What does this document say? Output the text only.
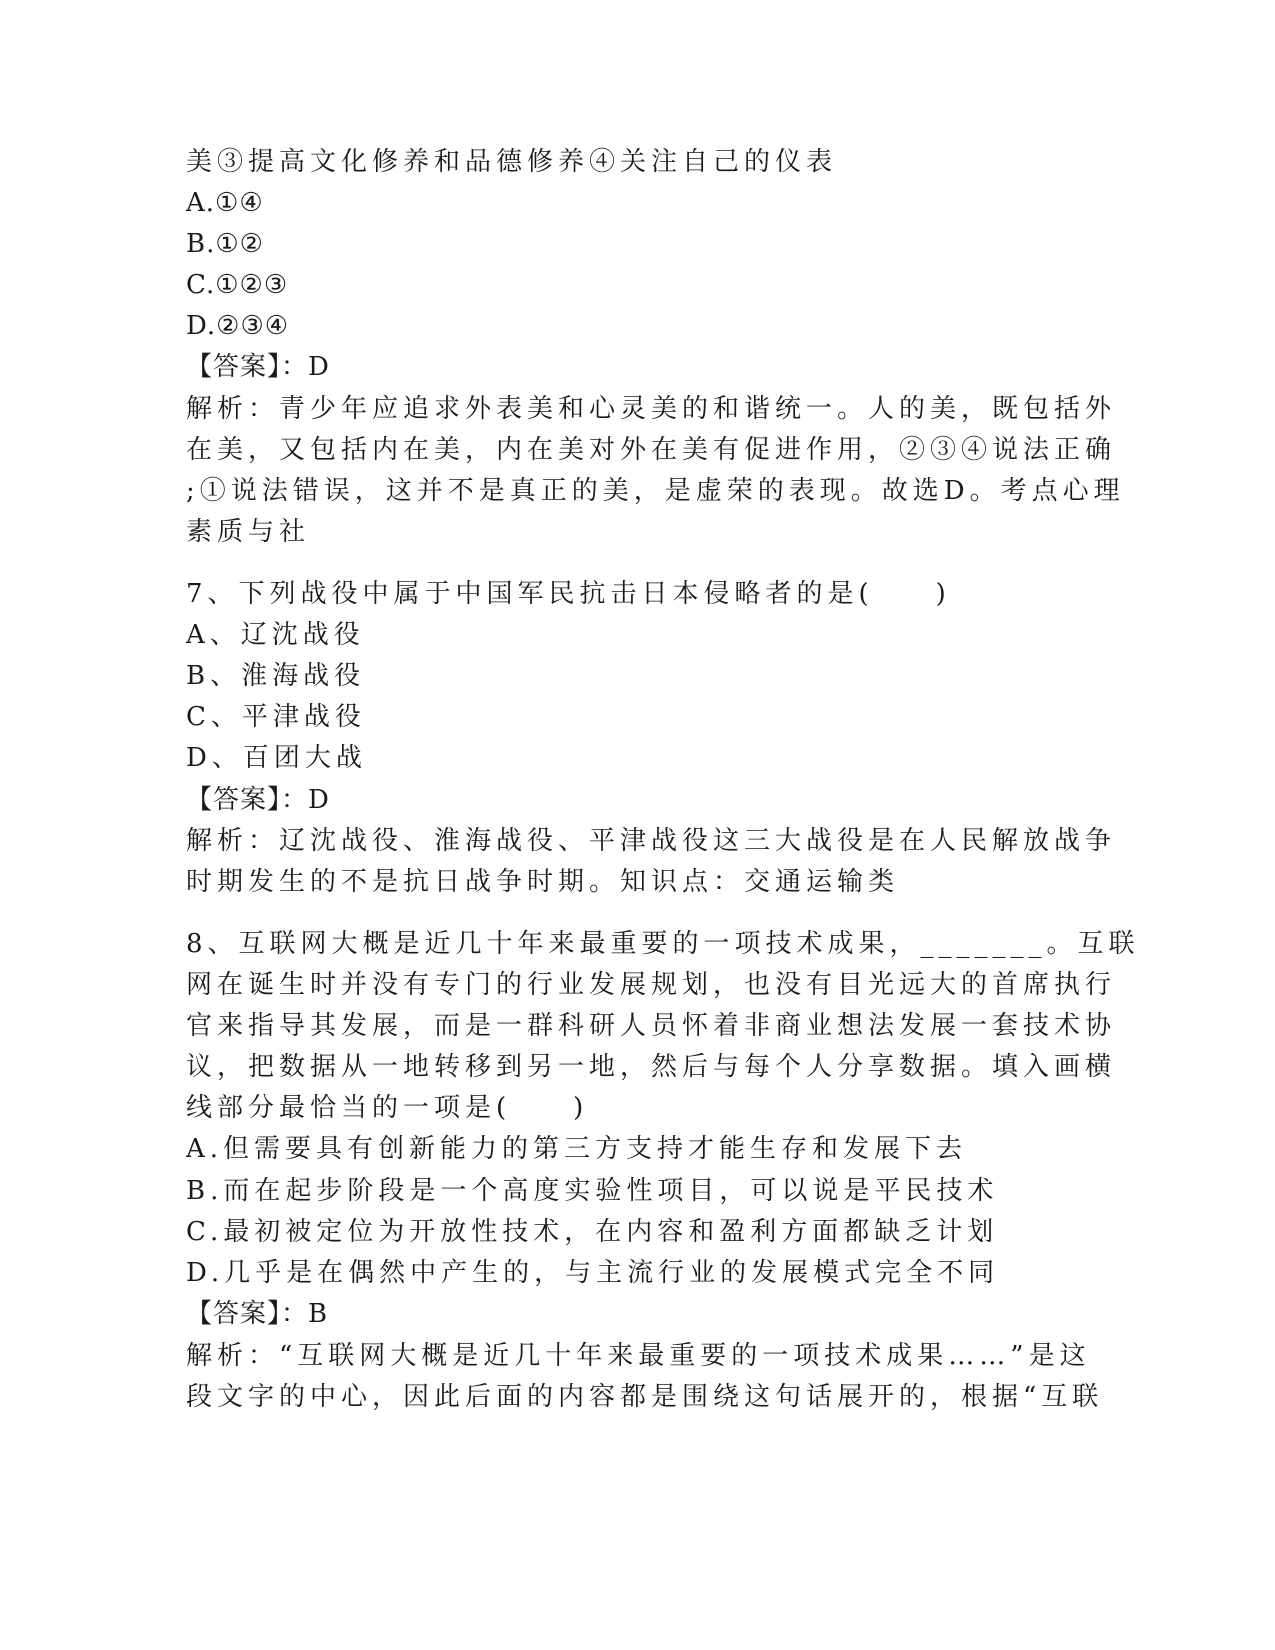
美③提高文化修养和品德修养④关注自己的仪表
A.①④
B.①②
C.①②③
D.②③④
【答案】：D
解析：青少年应追求外表美和心灵美的和谐统一。人的美，既包括外
在美，又包括内在美，内在美对外在美有促进作用，②③④说法正确
;①说法错误，这并不是真正的美，是虚荣的表现。故选D。考点心理
素质与社
7、下列战役中属于中国军民抗击日本侵略者的是(　　)
A、辽沈战役
B、淮海战役
C、平津战役
D、百团大战
【答案】：D
解析：辽沈战役、淮海战役、平津战役这三大战役是在人民解放战争
时期发生的不是抗日战争时期。知识点：交通运输类
8、互联网大概是近几十年来最重要的一项技术成果，_______。互联
网在诞生时并没有专门的行业发展规划，也没有目光远大的首席执行
官来指导其发展，而是一群科研人员怀着非商业想法发展一套技术协
议，把数据从一地转移到另一地，然后与每个人分享数据。填入画横
线部分最恰当的一项是(　　)
A.但需要具有创新能力的第三方支持才能生存和发展下去
B.而在起步阶段是一个高度实验性项目，可以说是平民技术
C.最初被定位为开放性技术，在内容和盈利方面都缺乏计划
D.几乎是在偶然中产生的，与主流行业的发展模式完全不同
【答案】：B
解析：“互联网大概是近几十年来最重要的一项技术成果……”是这
段文字的中心，因此后面的内容都是围绕这句话展开的，根据“互联
